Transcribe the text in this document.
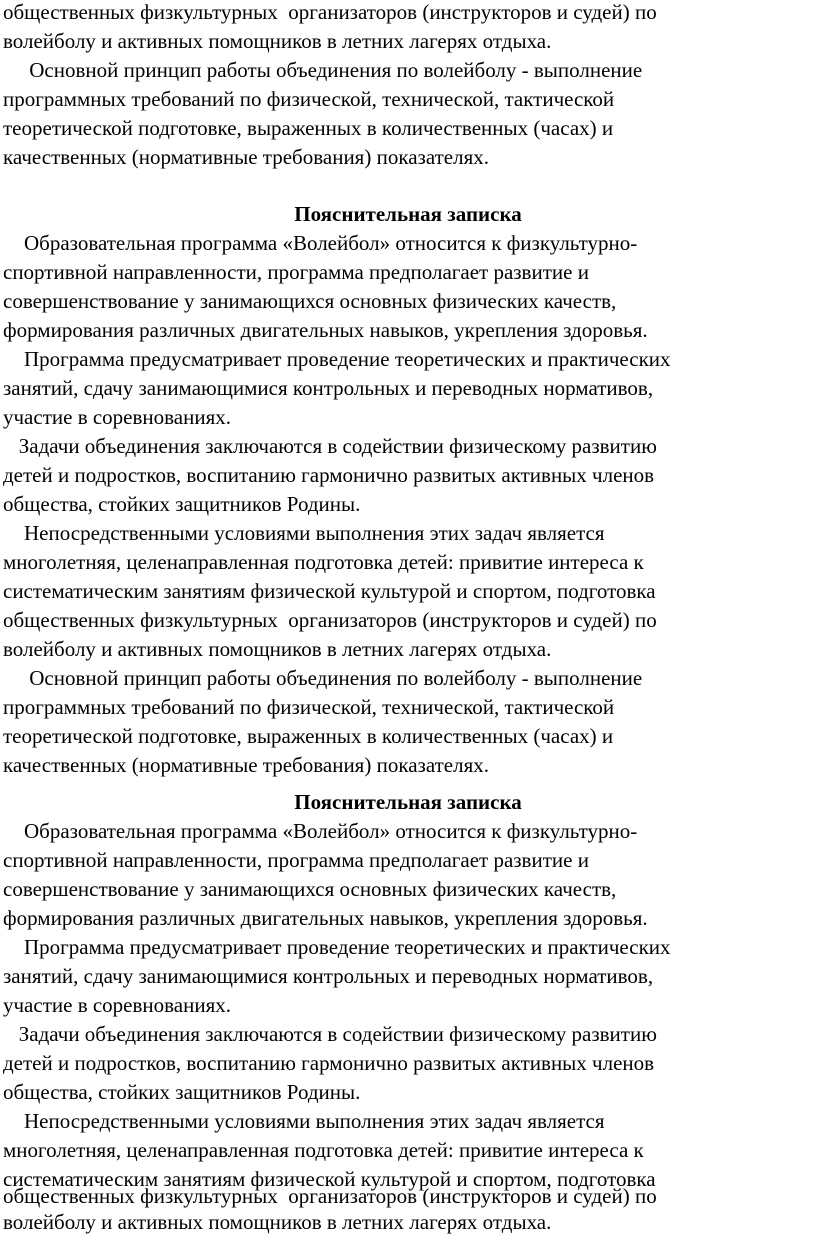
общественных физкультурных  организаторов (инструкторов и судей) по
волейболу и активных помощников в летних лагерях отдыха.
Основной принцип работы объединения по волейболу - выполнение
программных требований по физической, технической, тактической
теоретической подготовке, выраженных в количественных (часах) и
качественных (нормативные требования) показателях.
Пояснительная записка
Образовательная программа «Волейбол» относится к физкультурно-
спортивной направленности, программа предполагает развитие и
совершенствование у занимающихся основных физических качеств,
формирования различных двигательных навыков, укрепления здоровья.
Программа предусматривает проведение теоретических и практических
занятий, сдачу занимающимися контрольных и переводных нормативов,
участие в соревнованиях.
Задачи объединения заключаются в содействии физическому развитию
детей и подростков, воспитанию гармонично развитых активных членов
общества, стойких защитников Родины.
Непосредственными условиями выполнения этих задач является
многолетняя, целенаправленная подготовка детей: привитие интереса к
систематическим занятиям физической культурой и спортом, подготовка
общественных физкультурных  организаторов (инструкторов и судей) по
волейболу и активных помощников в летних лагерях отдыха.
Основной принцип работы объединения по волейболу - выполнение
программных требований по физической, технической, тактической
теоретической подготовке, выраженных в количественных (часах) и
качественных (нормативные требования) показателях.
Пояснительная записка
Образовательная программа «Волейбол» относится к физкультурно-
спортивной направленности, программа предполагает развитие и
совершенствование у занимающихся основных физических качеств,
формирования различных двигательных навыков, укрепления здоровья.
Программа предусматривает проведение теоретических и практических
занятий, сдачу занимающимися контрольных и переводных нормативов,
участие в соревнованиях.
Задачи объединения заключаются в содействии физическому развитию
детей и подростков, воспитанию гармонично развитых активных членов
общества, стойких защитников Родины.
Непосредственными условиями выполнения этих задач является
многолетняя, целенаправленная подготовка детей: привитие интереса к
систематическим занятиям физической культурой и спортом, подготовка
общественных физкультурных  организаторов (инструкторов и судей) по
волейболу и активных помощников в летних лагерях отдыха.
